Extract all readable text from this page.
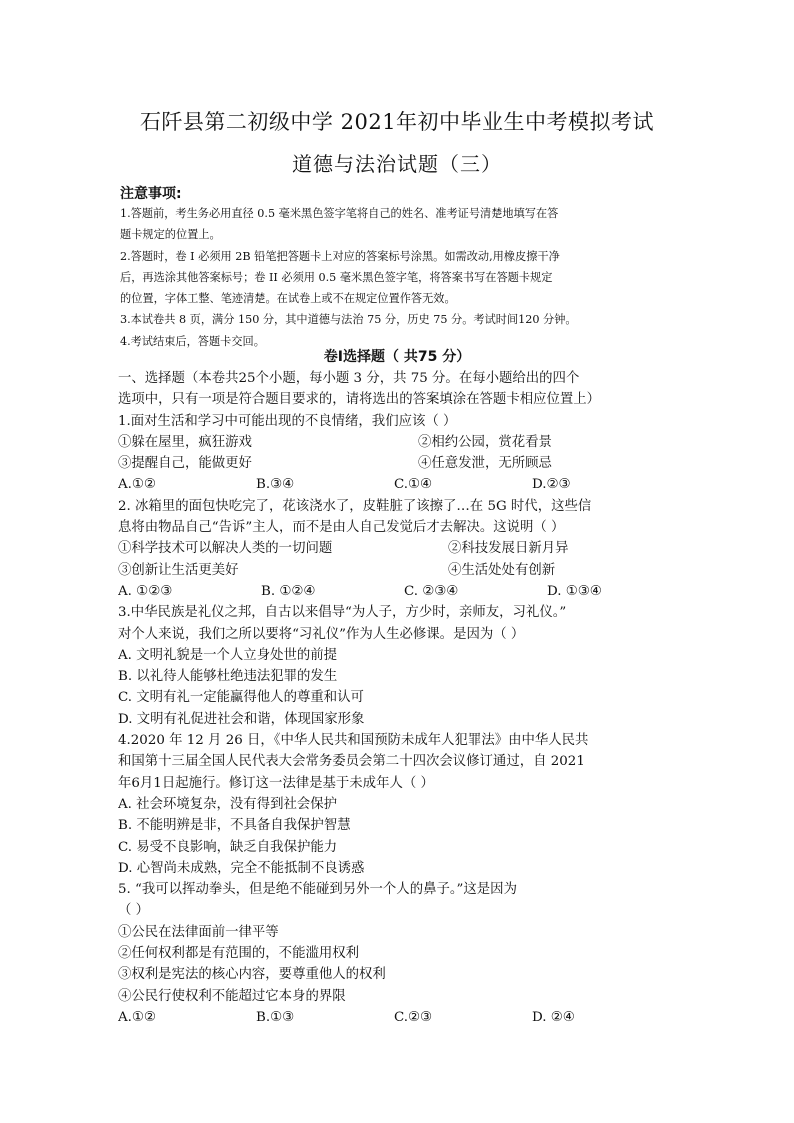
石阡县第二初级中学 2021年初中毕业生中考模拟考试
道德与法治试题（三）
注意事项:
1.答题前，考生务必用直径 0.5 毫米黑色签字笔将自己的姓名、准考证号清楚地填写在答
题卡规定的位置上。
2.答题时，卷 I 必须用 2B 铅笔把答题卡上对应的答案标号涂黑。如需改动,用橡皮擦干净
后，再选涂其他答案标号；卷 II 必须用 0.5 毫米黑色签字笔，将答案书写在答题卡规定
的位置，字体工整、笔迹清楚。在试卷上或不在规定位置作答无效。
3.本试卷共 8 页，满分 150 分，其中道德与法治 75 分，历史 75 分。考试时间120 分钟。
4.考试结束后，答题卡交回。
卷Ⅰ选择题（ 共75 分）
一、选择题（本卷共25个小题，每小题 3 分，共 75 分。在每小题给出的四个
选项中，只有一项是符合题目要求的，请将选出的答案填涂在答题卡相应位置上）
1.面对生活和学习中可能出现的不良情绪，我们应该（ ）
①躲在屋里，疯狂游戏	②相约公园，赏花看景
③提醒自己，能做更好	④任意发泄，无所顾忌
A.①②	B.③④	C.①④	D.②③
2. 冰箱里的面包快吃完了，花该浇水了，皮鞋脏了该擦了…在 5G 时代，这些信
息将由物品自己“告诉”主人，而不是由人自己发觉后才去解决。这说明（ ）
①科学技术可以解决人类的一切问题	②科技发展日新月异
③创新让生活更美好	④生活处处有创新
A. ①②③	B. ①②④	C. ②③④	D. ①③④
3.中华民族是礼仪之邦，自古以来倡导“为人子，方少时，亲师友，习礼仪。”
对个人来说，我们之所以要将“习礼仪”作为人生必修课。是因为（ ）
A. 文明礼貌是一个人立身处世的前提
B. 以礼待人能够杜绝违法犯罪的发生
C. 文明有礼一定能赢得他人的尊重和认可
D. 文明有礼促进社会和谐，体现国家形象
4.2020 年 12 月 26 日，《中华人民共和国预防未成年人犯罪法》由中华人民共
和国第十三届全国人民代表大会常务委员会第二十四次会议修订通过，自 2021
年6月1日起施行。修订这一法律是基于未成年人（ ）
A. 社会环境复杂，没有得到社会保护
B. 不能明辨是非，不具备自我保护智慧
C. 易受不良影响，缺乏自我保护能力
D. 心智尚未成熟，完全不能抵制不良诱惑
5. “我可以挥动拳头，但是绝不能碰到另外一个人的鼻子。”这是因为
（ ）
①公民在法律面前一律平等
②任何权利都是有范围的，不能滥用权利
③权利是宪法的核心内容，要尊重他人的权利
④公民行使权利不能超过它本身的界限
A.①②	B.①③	C.②③	D. ②④
